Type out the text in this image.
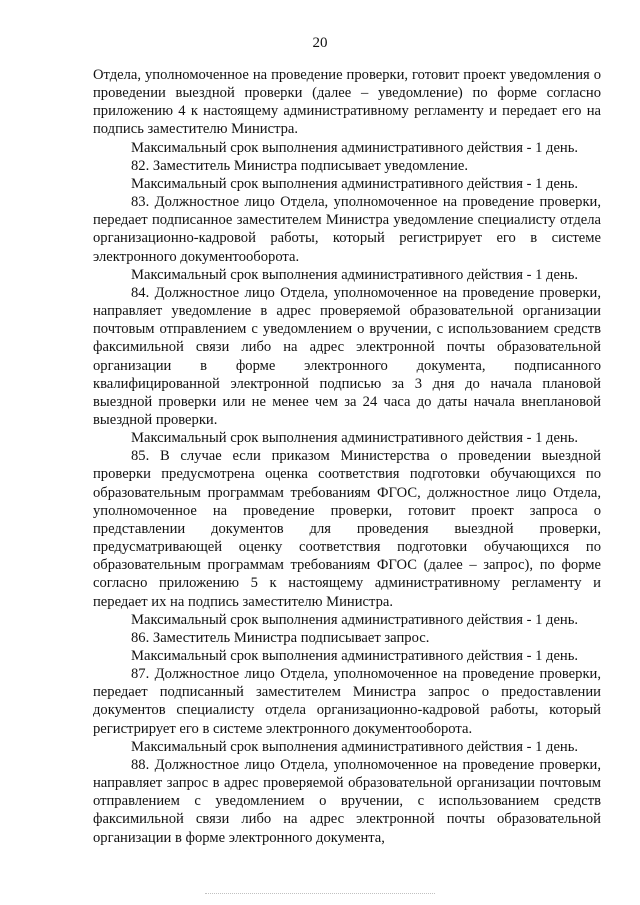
20

Отдела, уполномоченное на проведение проверки, готовит проект уведомления о проведении выездной проверки (далее – уведомление) по форме согласно приложению 4 к настоящему административному регламенту и передает его на подпись заместителю Министра.

Максимальный срок выполнения административного действия - 1 день.

82. Заместитель Министра подписывает уведомление.

Максимальный срок выполнения административного действия - 1 день.

83. Должностное лицо Отдела, уполномоченное на проведение проверки, передает подписанное заместителем Министра уведомление специалисту отдела организационно-кадровой работы, который регистрирует его в системе электронного документооборота.

Максимальный срок выполнения административного действия - 1 день.

84. Должностное лицо Отдела, уполномоченное на проведение проверки, направляет уведомление в адрес проверяемой образовательной организации почтовым отправлением с уведомлением о вручении, с использованием средств факсимильной связи либо на адрес электронной почты образовательной организации в форме электронного документа, подписанного квалифицированной электронной подписью за 3 дня до начала плановой выездной проверки или не менее чем за 24 часа до даты начала внеплановой выездной проверки.

Максимальный срок выполнения административного действия - 1 день.

85. В случае если приказом Министерства о проведении выездной проверки предусмотрена оценка соответствия подготовки обучающихся по образовательным программам требованиям ФГОС, должностное лицо Отдела, уполномоченное на проведение проверки, готовит проект запроса о представлении документов для проведения выездной проверки, предусматривающей оценку соответствия подготовки обучающихся по образовательным программам требованиям ФГОС (далее – запрос), по форме согласно приложению 5 к настоящему административному регламенту и передает их на подпись заместителю Министра.

Максимальный срок выполнения административного действия - 1 день.

86. Заместитель Министра подписывает запрос.

Максимальный срок выполнения административного действия - 1 день.

87. Должностное лицо Отдела, уполномоченное на проведение проверки, передает подписанный заместителем Министра запрос о предоставлении документов специалисту отдела организационно-кадровой работы, который регистрирует его в системе электронного документооборота.

Максимальный срок выполнения административного действия - 1 день.

88. Должностное лицо Отдела, уполномоченное на проведение проверки, направляет запрос в адрес проверяемой образовательной организации почтовым отправлением с уведомлением о вручении, с использованием средств факсимильной связи либо на адрес электронной почты образовательной организации в форме электронного документа,
